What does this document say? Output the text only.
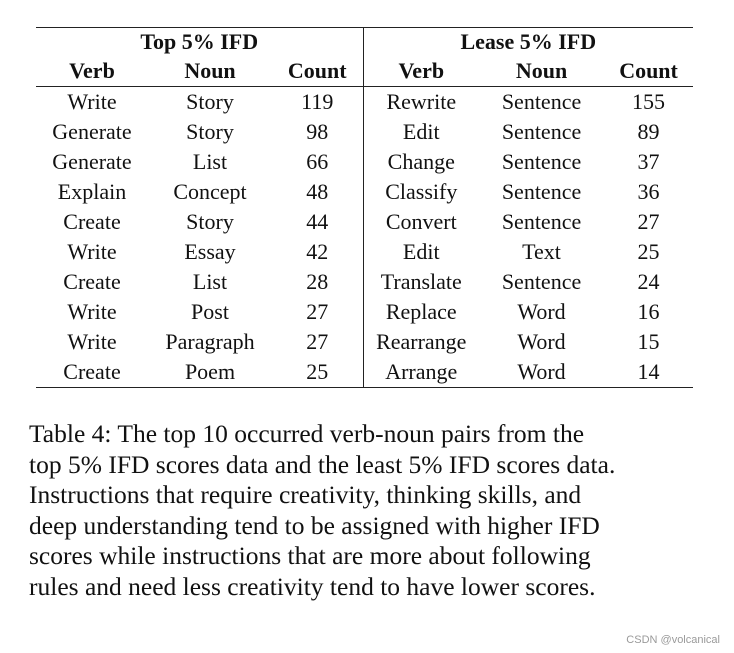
Top 5% IFD			Lease 5% IFD		
Verb	Noun	Count	Verb	Noun	Count
Write	Story	119	Rewrite	Sentence	155
Generate	Story	98	Edit	Sentence	89
Generate	List	66	Change	Sentence	37
Explain	Concept	48	Classify	Sentence	36
Create	Story	44	Convert	Sentence	27
Write	Essay	42	Edit	Text	25
Create	List	28	Translate	Sentence	24
Write	Post	27	Replace	Word	16
Write	Paragraph	27	Rearrange	Word	15
Create	Poem	25	Arrange	Word	14

Table 4: The top 10 occurred verb-noun pairs from the
top 5% IFD scores data and the least 5% IFD scores data.
Instructions that require creativity, thinking skills, and
deep understanding tend to be assigned with higher IFD
scores while instructions that are more about following
rules and need less creativity tend to have lower scores.

CSDN @volcanical
